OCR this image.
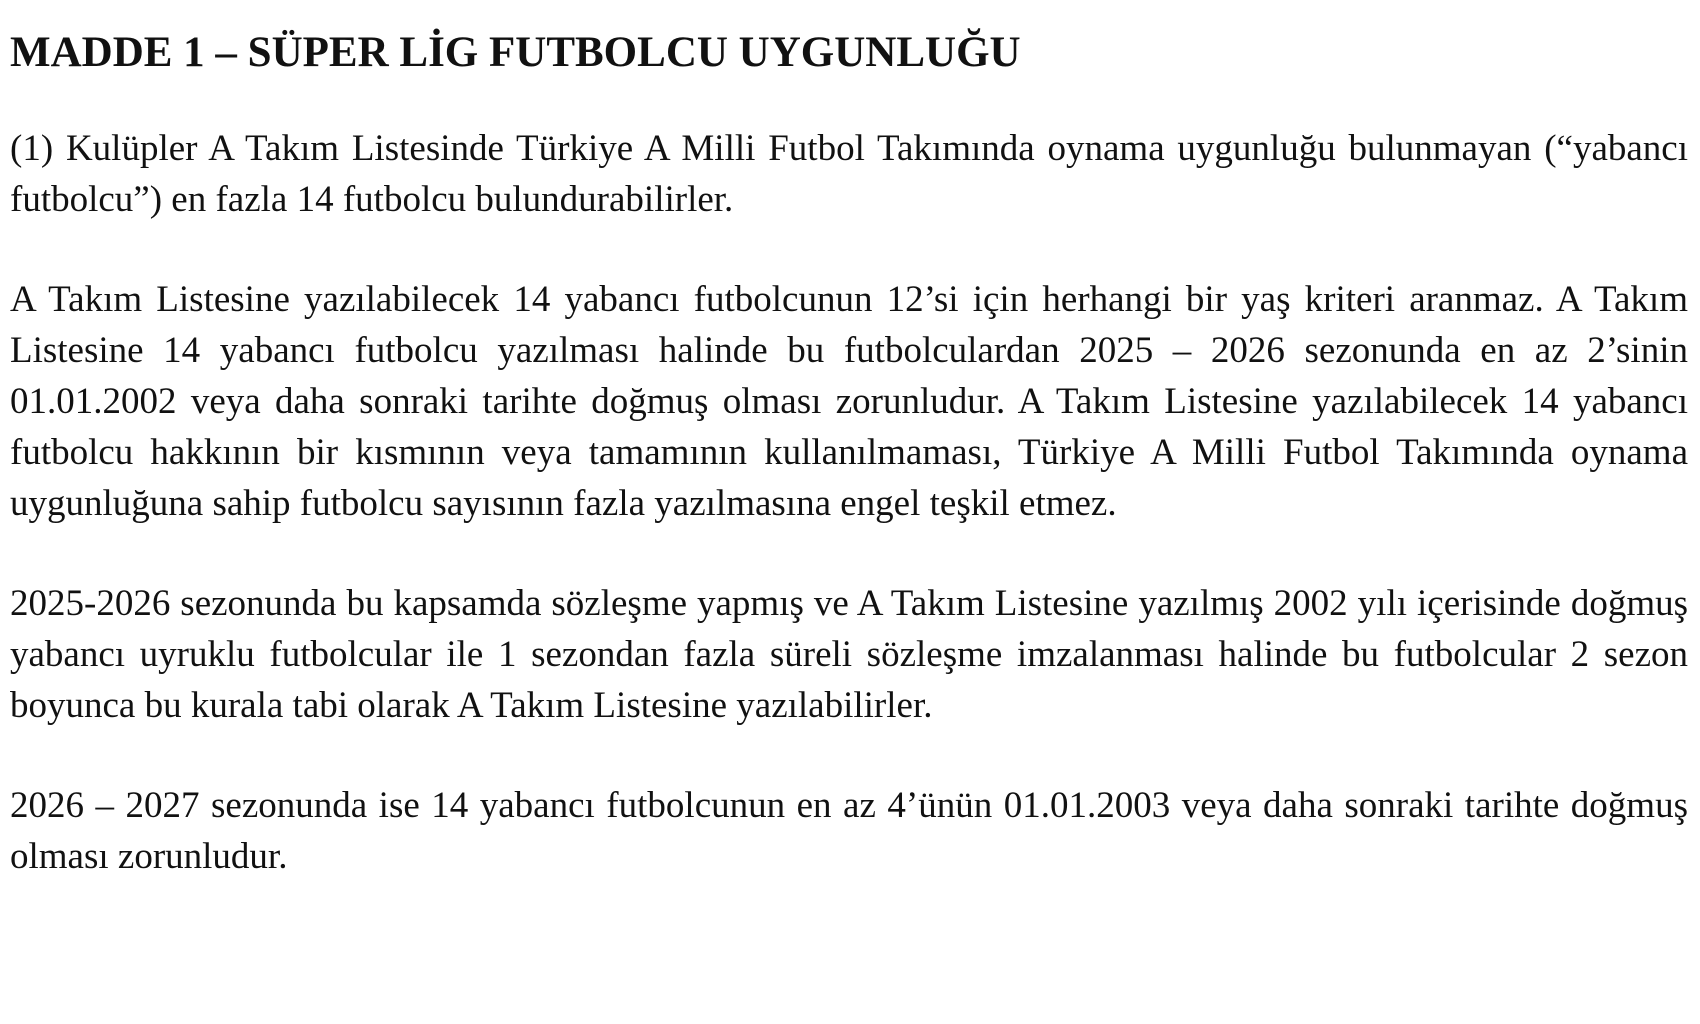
MADDE 1 – SÜPER LİG FUTBOLCU UYGUNLUĞU

(1) Kulüpler A Takım Listesinde Türkiye A Milli Futbol Takımında oynama uygunluğu bulunmayan (“yabancı futbolcu”) en fazla 14 futbolcu bulundurabilirler.

A Takım Listesine yazılabilecek 14 yabancı futbolcunun 12’si için herhangi bir yaş kriteri aranmaz. A Takım Listesine 14 yabancı futbolcu yazılması halinde bu futbolculardan 2025 – 2026 sezonunda en az 2’sinin 01.01.2002 veya daha sonraki tarihte doğmuş olması zorunludur. A Takım Listesine yazılabilecek 14 yabancı futbolcu hakkının bir kısmının veya tamamının kullanılmaması, Türkiye A Milli Futbol Takımında oynama uygunluğuna sahip futbolcu sayısının fazla yazılmasına engel teşkil etmez.

2025-2026 sezonunda bu kapsamda sözleşme yapmış ve A Takım Listesine yazılmış 2002 yılı içerisinde doğmuş yabancı uyruklu futbolcular ile 1 sezondan fazla süreli sözleşme imzalanması halinde bu futbolcular 2 sezon boyunca bu kurala tabi olarak A Takım Listesine yazılabilirler.

2026 – 2027 sezonunda ise 14 yabancı futbolcunun en az 4’ünün 01.01.2003 veya daha sonraki tarihte doğmuş olması zorunludur.
